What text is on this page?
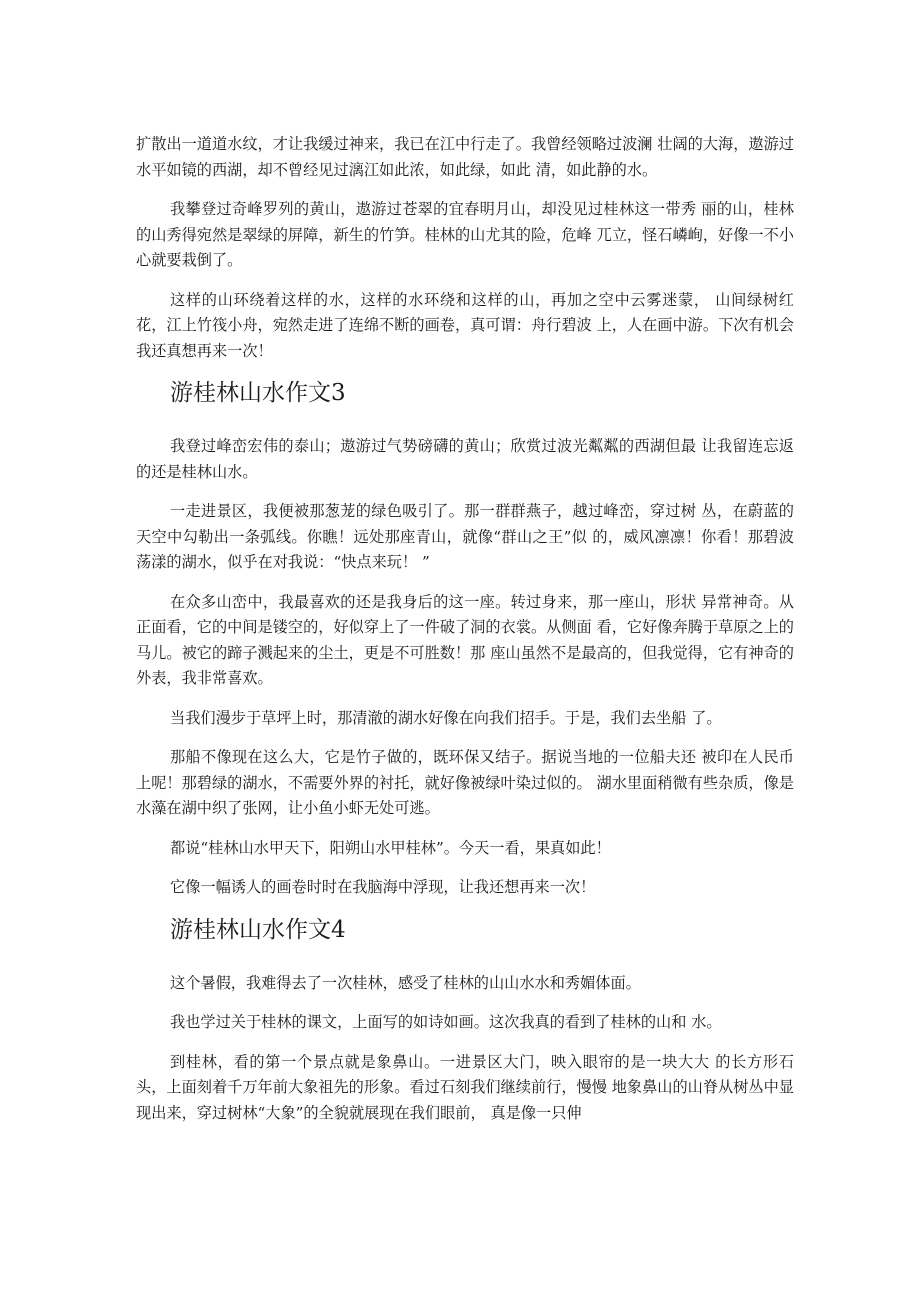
扩散出一道道水纹，才让我缓过神来，我已在江中行走了。我曾经领略过波澜 壮阔的大海，遨游过水平如镜的西湖，却不曾经见过漓江如此浓，如此绿，如此 清，如此静的水。

我攀登过奇峰罗列的黄山，遨游过苍翠的宜春明月山，却没见过桂林这一带秀 丽的山，桂林的山秀得宛然是翠绿的屏障，新生的竹笋。桂林的山尤其的险，危峰 兀立，怪石嶙峋，好像一不小心就要栽倒了。

这样的山环绕着这样的水，这样的水环绕和这样的山，再加之空中云雾迷蒙， 山间绿树红花，江上竹筏小舟，宛然走进了连绵不断的画卷，真可谓：舟行碧波 上，人在画中游。下次有机会我还真想再来一次！

游桂林山水作文3

我登过峰峦宏伟的泰山；遨游过气势磅礴的黄山；欣赏过波光粼粼的西湖但最 让我留连忘返的还是桂林山水。

一走进景区，我便被那葱茏的绿色吸引了。那一群群燕子，越过峰峦，穿过树 丛，在蔚蓝的天空中勾勒出一条弧线。你瞧！远处那座青山，就像“群山之王”似 的，威风凛凛！你看！那碧波荡漾的湖水，似乎在对我说：“快点来玩！ ”

在众多山峦中，我最喜欢的还是我身后的这一座。转过身来，那一座山，形状 异常神奇。从正面看，它的中间是镂空的，好似穿上了一件破了洞的衣裳。从侧面 看，它好像奔腾于草原之上的马儿。被它的蹄子溅起来的尘土，更是不可胜数！那 座山虽然不是最高的，但我觉得，它有神奇的外表，我非常喜欢。

当我们漫步于草坪上时，那清澈的湖水好像在向我们招手。于是，我们去坐船 了。

那船不像现在这么大，它是竹子做的，既环保又结子。据说当地的一位船夫还 被印在人民币上呢！那碧绿的湖水，不需要外界的衬托，就好像被绿叶染过似的。 湖水里面稍微有些杂质，像是水藻在湖中织了张网，让小鱼小虾无处可逃。

都说“桂林山水甲天下，阳朔山水甲桂林”。今天一看，果真如此！

它像一幅诱人的画卷时时在我脑海中浮现，让我还想再来一次！

游桂林山水作文4

这个暑假，我难得去了一次桂林，感受了桂林的山山水水和秀媚体面。

我也学过关于桂林的课文，上面写的如诗如画。这次我真的看到了桂林的山和 水。

到桂林，看的第一个景点就是象鼻山。一进景区大门，映入眼帘的是一块大大 的长方形石头，上面刻着千万年前大象祖先的形象。看过石刻我们继续前行，慢慢 地象鼻山的山脊从树丛中显现出来，穿过树林“大象”的全貌就展现在我们眼前， 真是像一只伸
